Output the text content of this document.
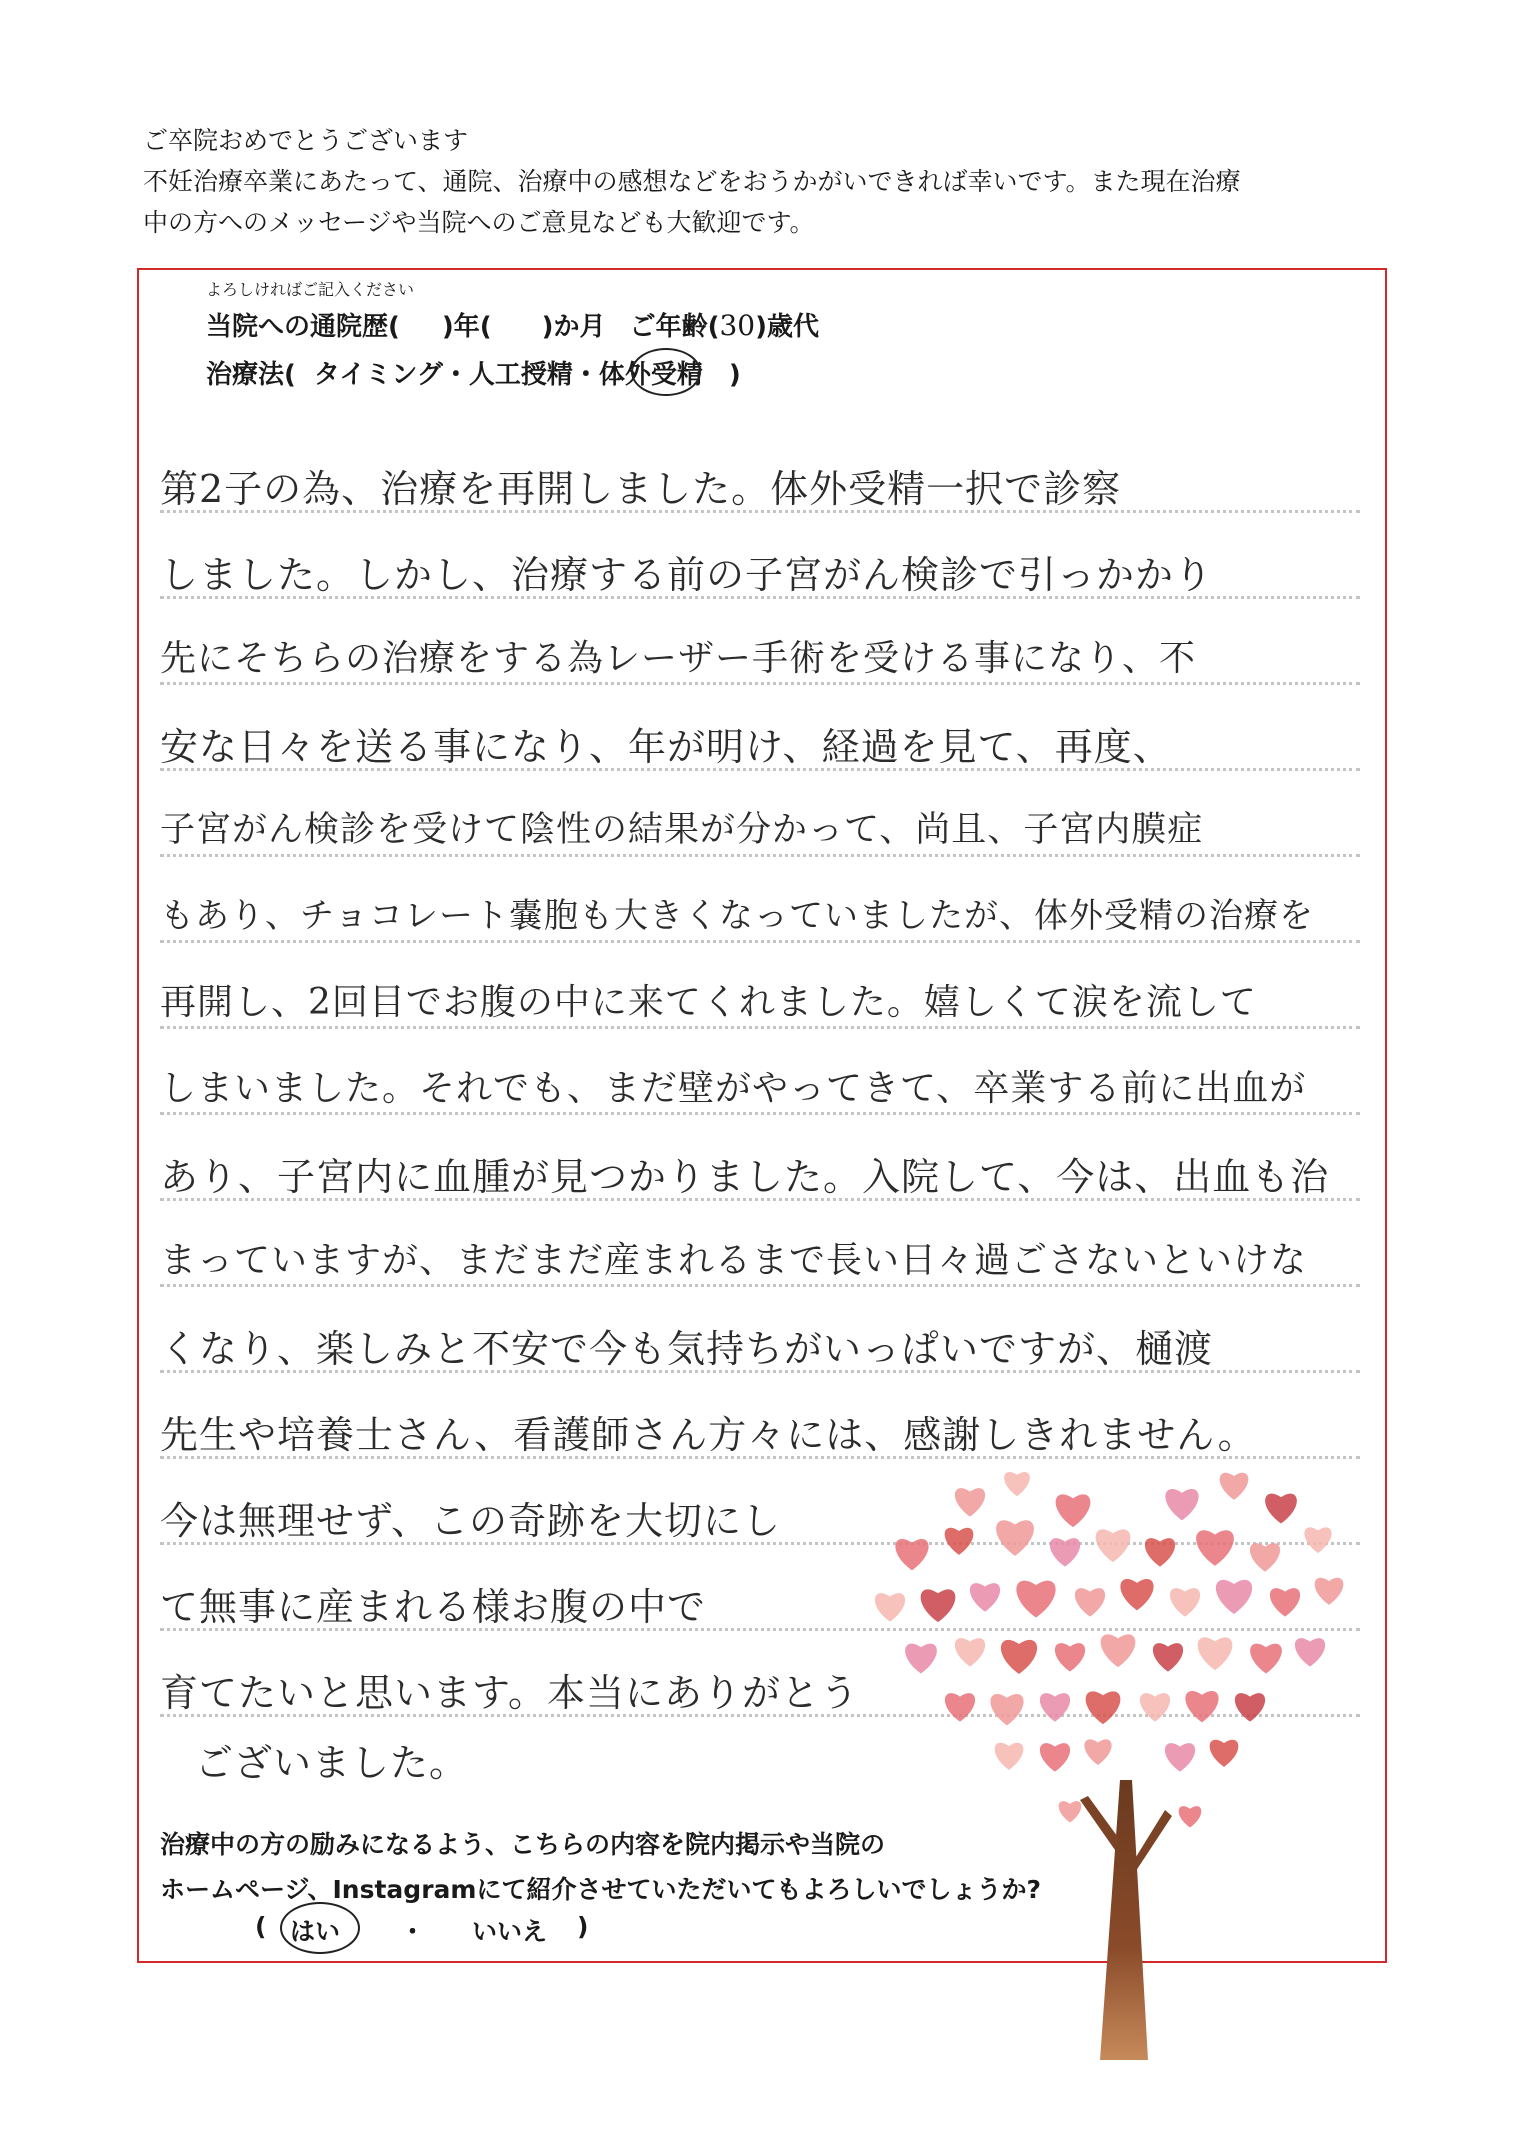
ご卒院おめでとうございます

不妊治療卒業にあたって、通院、治療中の感想などをおうかがいできれば幸いです。また現在治療

中の方へのメッセージや当院へのご意見なども大歓迎です。

よろしければご記入ください
当院への通院歴( )年( )か月 ご年齢(30)歳代
治療法( タイミング・人工授精・体外受精 )
第2子の為、治療を再開しました。体外受精一択で診察
しました。しかし、治療する前の子宮がん検診で引っかかり
先にそちらの治療をする為レーザー手術を受ける事になり、不
安な日々を送る事になり、年が明け、経過を見て、再度、
子宮がん検診を受けて陰性の結果が分かって、尚且、子宮内膜症
もあり、チョコレート嚢胞も大きくなっていましたが、体外受精の治療を
再開し、2回目でお腹の中に来てくれました。嬉しくて涙を流して
しまいました。それでも、まだ壁がやってきて、卒業する前に出血が
あり、子宮内に血腫が見つかりました。入院して、今は、出血も治
まっていますが、まだまだ産まれるまで長い日々過ごさないといけな
くなり、楽しみと不安で今も気持ちがいっぱいですが、樋渡
先生や培養士さん、看護師さん方々には、感謝しきれません。
今は無理せず、この奇跡を大切にし
て無事に産まれる様お腹の中で
育てたいと思います。本当にありがとう
ございました。
治療中の方の励みになるよう、こちらの内容を院内掲示や当院の
ホームページ、Instagramにて紹介させていただいてもよろしいでしょうか?
( はい ・ いいえ )
